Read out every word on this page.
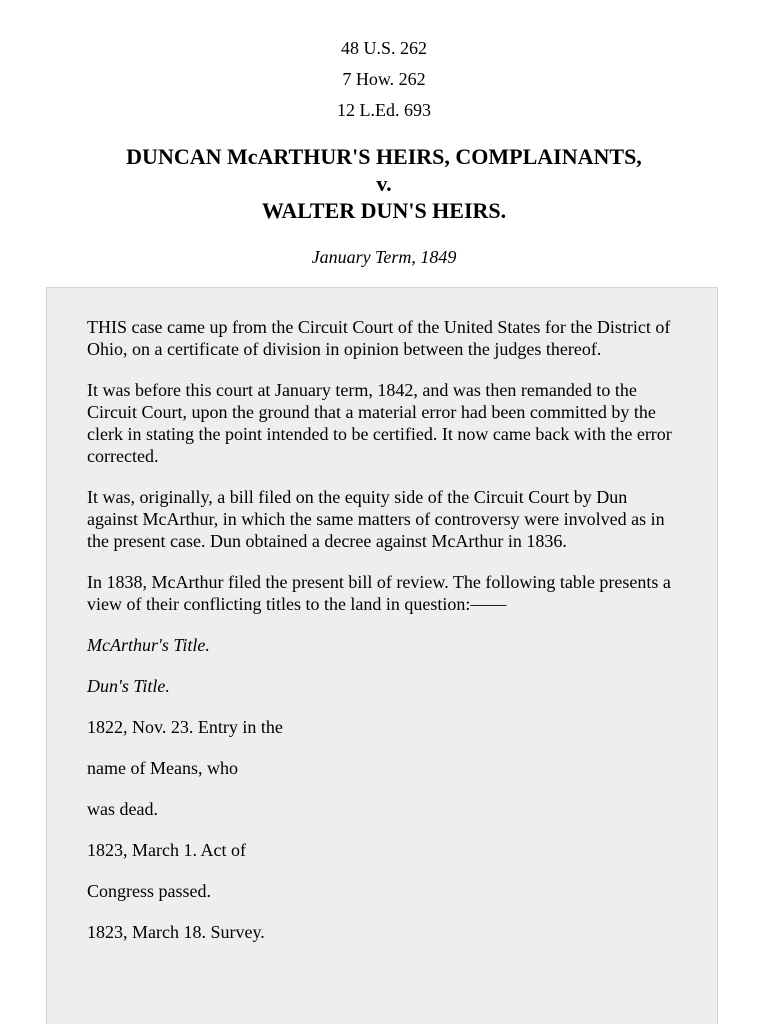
48 U.S. 262
7 How. 262
12 L.Ed. 693
DUNCAN McARTHUR'S HEIRS, COMPLAINANTS,
v.
WALTER DUN'S HEIRS.
January Term, 1849

THIS case came up from the Circuit Court of the United States for the District of Ohio, on a certificate of division in opinion between the judges thereof.

It was before this court at January term, 1842, and was then remanded to the Circuit Court, upon the ground that a material error had been committed by the clerk in stating the point intended to be certified. It now came back with the error corrected.

It was, originally, a bill filed on the equity side of the Circuit Court by Dun against McArthur, in which the same matters of controversy were involved as in the present case. Dun obtained a decree against McArthur in 1836.

In 1838, McArthur filed the present bill of review. The following table presents a view of their conflicting titles to the land in question:——

McArthur's Title.

Dun's Title.

1822, Nov. 23. Entry in the

name of Means, who

was dead.

1823, March 1. Act of

Congress passed.

1823, March 18. Survey.
